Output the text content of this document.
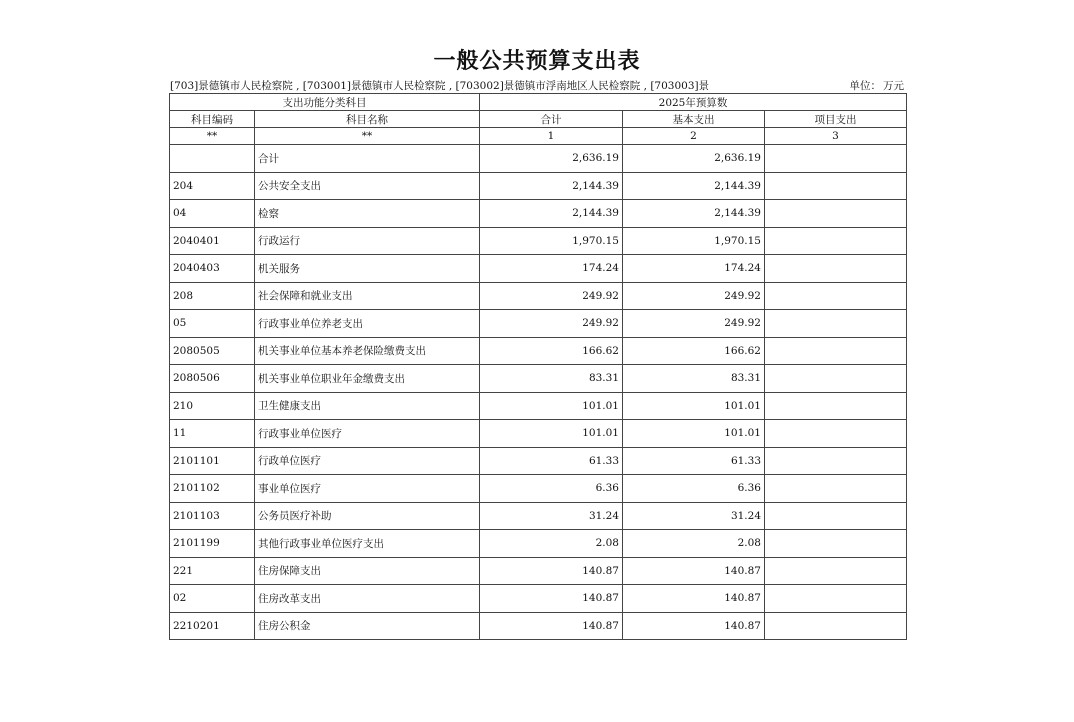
一般公共预算支出表
[703]景德镇市人民检察院 , [703001]景德镇市人民检察院 , [703002]景德镇市浮南地区人民检察院 , [703003]景	单位： 万元
支出功能分类科目		2025年预算数		
科目编码	科目名称	合计	基本支出	项目支出
**	**	1	2	3
	合计	2,636.19	2,636.19	
204	公共安全支出	2,144.39	2,144.39	
04	检察	2,144.39	2,144.39	
2040401	行政运行	1,970.15	1,970.15	
2040403	机关服务	174.24	174.24	
208	社会保障和就业支出	249.92	249.92	
05	行政事业单位养老支出	249.92	249.92	
2080505	机关事业单位基本养老保险缴费支出	166.62	166.62	
2080506	机关事业单位职业年金缴费支出	83.31	83.31	
210	卫生健康支出	101.01	101.01	
11	行政事业单位医疗	101.01	101.01	
2101101	行政单位医疗	61.33	61.33	
2101102	事业单位医疗	6.36	6.36	
2101103	公务员医疗补助	31.24	31.24	
2101199	其他行政事业单位医疗支出	2.08	2.08	
221	住房保障支出	140.87	140.87	
02	住房改革支出	140.87	140.87	
2210201	住房公积金	140.87	140.87	
